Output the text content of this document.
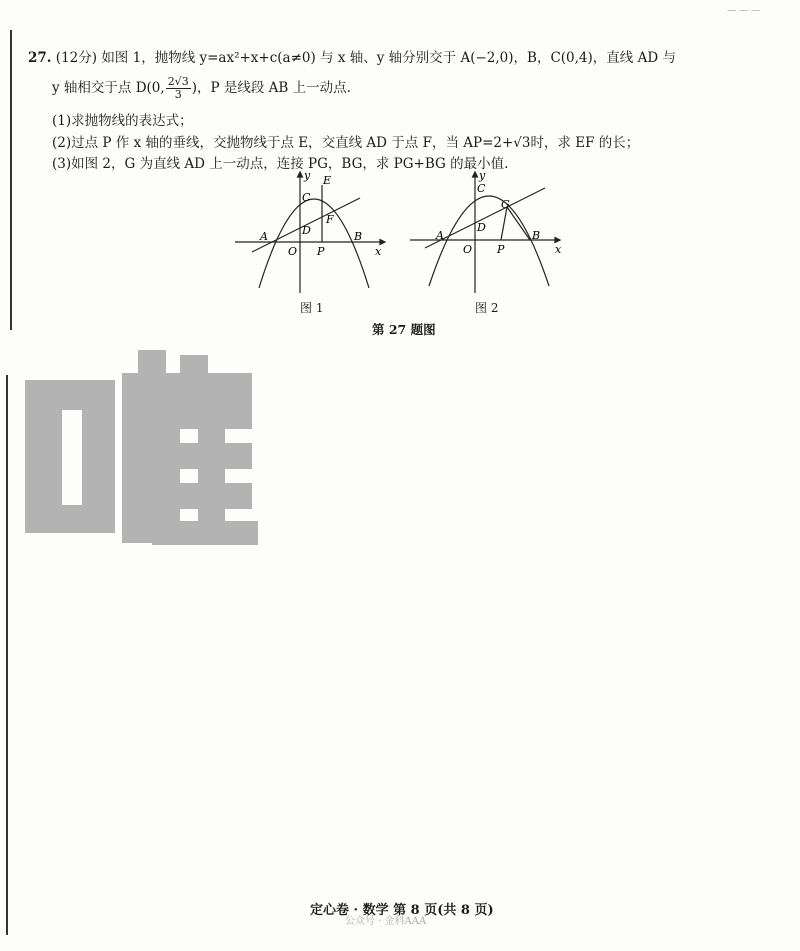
— — —
27. (12分) 如图 1，抛物线 y=ax²+x+c(a≠0) 与 x 轴、y 轴分别交于 A(−2,0)，B，C(0,4)，直线 AD 与
y 轴相交于点 D(0, $\frac{2√3}{3}$ )，P 是线段 AB 上一动点.
(1)求抛物线的表达式；
(2)过点 P 作 x 轴的垂线，交抛物线于点 E，交直线 AD 于点 F，当 AP=2+√3时，求 EF 的长；
(3)如图 2，G 为直线 AD 上一动点，连接 PG，BG，求 PG+BG 的最小值.
y
x
O
A	B
C
D
E
F
P
图 1
y
x
O
A	B
C
D
G
P
图 2
第 27 题图
定心卷 · 数学 第 8 页(共 8 页)
公众号 · 金科AAA
